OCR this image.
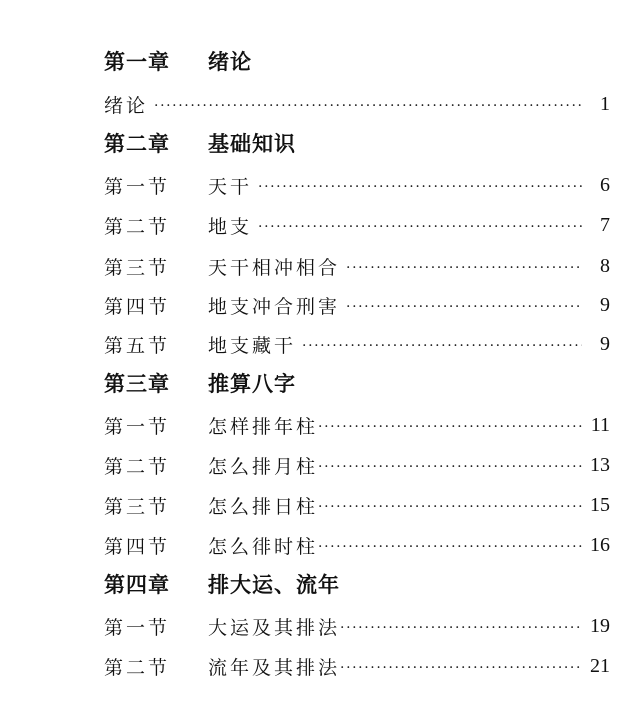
第一章	绪论
绪论 ·····	1
第二章	基础知识
第一节	天干 ·····	6
第二节	地支 ·····	7
第三节	天干相冲相合 ·····	8
第四节	地支冲合刑害 ·····	9
第五节	地支藏干 ·····	9
第三章	推算八字
第一节	怎样排年柱 ·····	11
第二节	怎么排月柱 ·····	13
第三节	怎么排日柱 ·····	15
第四节	怎么徘时柱 ·····	16
第四章	排大运、流年
第一节	大运及其排法 ·····	19
第二节	流年及其排法 ·····	21
